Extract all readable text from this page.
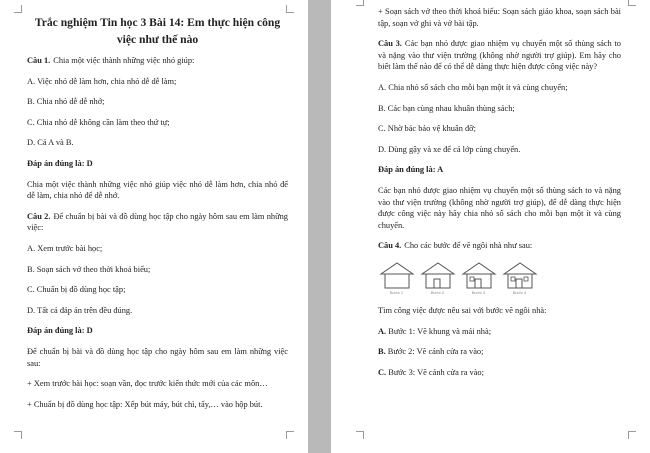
Trắc nghiệm Tin học 3 Bài 14: Em thực hiện công việc như thế nào
Câu 1. Chia một việc thành những việc nhỏ giúp:
A. Việc nhỏ dễ làm hơn, chia nhỏ dễ dễ làm;
B. Chia nhỏ dễ dễ nhớ;
C. Chia nhỏ dễ không cần làm theo thứ tự;
D. Cả A và B.
Đáp án đúng là: D
Chia một việc thành những việc nhỏ giúp việc nhỏ dễ làm hơn, chia nhỏ để dễ làm, chia nhỏ để dễ nhớ.
Câu 2. Để chuẩn bị bài và đồ dùng học tập cho ngày hôm sau em làm những việc:
A. Xem trước bài học;
B. Soạn sách vở theo thời khoá biểu;
C. Chuẩn bị đồ dùng học tập;
D. Tất cả đáp án trên đều đúng.
Đáp án đúng là: D
Để chuẩn bị bài và đồ dùng học tập cho ngày hôm sau em làm những việc sau:
+ Xem trước bài học: soạn vần, đọc trước kiến thức mới của các môn…
+ Chuẩn bị đồ dùng học tập: Xếp bút máy, bút chì, tẩy,… vào hộp bút.
+ Soạn sách vở theo thời khoá biểu: Soạn sách giáo khoa, soạn sách bài tập, soạn vở ghi và vở bài tập.
Câu 3. Các bạn nhỏ được giao nhiệm vụ chuyển một số thùng sách to và nặng vào thư viện trường (không nhờ người trợ giúp). Em hãy cho biết làm thế nào để có thể dễ dàng thực hiện được công việc này?
A. Chia nhỏ số sách cho mỗi bạn một ít và cùng chuyển;
B. Các bạn cùng nhau khuân thùng sách;
C. Nhờ bác bảo vệ khuân đỡ;
D. Dùng gậy và xe để cả lớp cùng chuyển.
Đáp án đúng là: A
Các bạn nhỏ được giao nhiệm vụ chuyển một số thùng sách to và nặng vào thư viện trường (không nhờ người trợ giúp), để dễ dàng thực hiện được công việc này hãy chia nhỏ số sách cho mỗi bạn một ít và cùng chuyển.
Câu 4. Cho các bước để vẽ ngôi nhà như sau:
Bước 1	Bước 2	Bước 3	Bước 4
Tìm công việc được nêu sai với bước vẽ ngôi nhà:
A. Bước 1: Vẽ khung và mái nhà;
B. Bước 2: Vẽ cánh cửa ra vào;
C. Bước 3: Vẽ cánh cửa ra vào;
